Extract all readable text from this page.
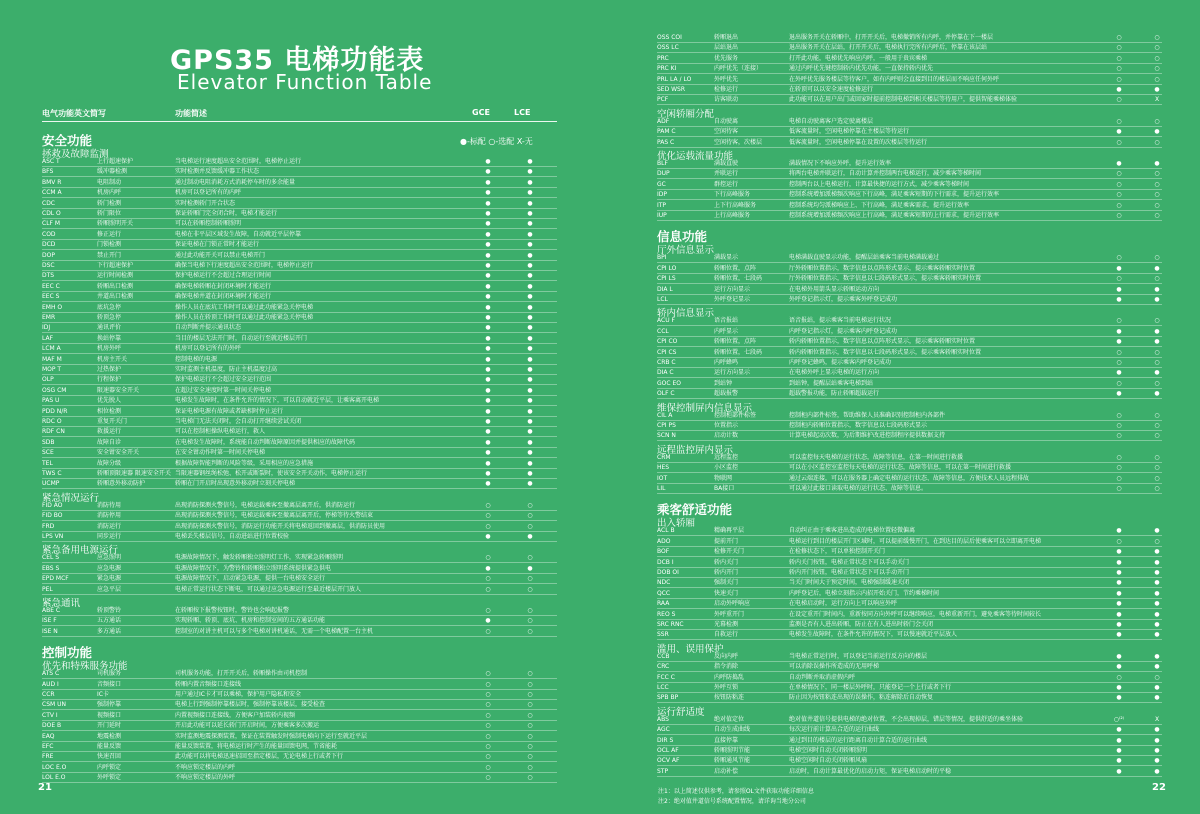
GPS35 电梯功能表
Elevator Function Table
电气功能英文简写	功能简述	GCE	LCE
●-标配 ○-选配 X-无
安全功能
拯救及故障监测
ASC T	上行超速保护	当电梯运行速度超出安全范围时，电梯停止运行	●	●
BFS	缓冲器检测	实时检测并反馈缓冲器工作状态	●	●
BMV R	电阻制动	通过制动电阻消耗方式消耗停车时的多余能量	●	●
CCM A	机房内呼	机房可以登记所有的内呼	●	●
CDC	轿门检测	实时检测轿门开合状态	●	●
CDL O	轿门限位	保证轿厢门完全闭合时，电梯才能运行	●	●
CLF M	轿厢照明开关	可以在轿厢控制轿厢照明	●	●
COD	修正运行	电梯在非平层区域发生故障，自动就近平层停靠	●	●
DCD	门锁检测	保证电梯在门锁正常时才能运行	●	●
DOP	禁止开门	通过此功能开关可以禁止电梯开门	●	●
DSC	下行超速保护	确保当电梯下行速度超出安全范围时，电梯停止运行	●	●
DTS	运行时间检测	保护电梯运行不会超过合理运行时间	●	●
EEC C	轿厢出口检测	确保电梯轿厢在封闭环境时才能运行	●	●
EEC S	井道出口检测	确保电梯井道在封闭环境时才能运行	●	●
EMH O	底坑急停	操作人员在底坑工作时可以通过此功能紧急关停电梯	●	●
EMR	轿顶急停	操作人员在轿顶工作时可以通过此功能紧急关停电梯	●	●
IDJ	通讯评价	自动判断并提示通讯状态	●	●
LAF	换站停靠	当目的楼层无法开门时，自动运行至就近楼层开门	●	●
LCM A	机房外呼	机房可以登记所有的外呼	●	●
MAF M	机房主开关	控制电梯的电源	●	●
MOP T	过热保护	实时监测主机温度，防止主机温度过高	●	●
OLP	行程保护	保护电梯运行不会超过安全运行范围	●	●
OSG CM	限速器安全开关	在超过安全速度时第一时间关停电梯	●	●
PAS U	优先脱人	电梯发生故障时，在条件允许的情况下，可以自动就近平层，让乘客离开电梯	●	●
PDD N/R	相位检测	保证电梯电源有故障或者缺相时停止运行	●	●
RDC O	重复开关门	当电梯门无法关闭时，会自动打开继续尝试关闭	●	●
RDF CN	救援运行	可以在控制柜操纵电梯运行，救人	●	●
SDB	故障自诊	在电梯发生故障时，系统能自动判断故障原因并提供相应的故障代码	●	●
SCE	安全钳安全开关	在安全钳动作时第一时间关停电梯	●	●
TEL	故障分级	根据故障智能判断的风险等级，采用相应的应急措施	●	●
TWS C	轿厢顶限速器 限速安全开关 当限速器钢丝绳松弛、松开或断裂时，使该安全开关动作，电梯停止运行	●	●
UCMP	轿厢意外移动防护	轿厢在门开启时出现意外移动时立刻关停电梯	●	●
紧急情况运行
FID AO	消防待用	出现消防探测火警信号，电梯运载乘客至撤离层离开后，供消防运行	○	○
FID BO	消防停用	出现消防探测火警信号，电梯运载乘客至撤离层离开后，停梯等待火警结束	○	○
FRD	消防运行	出现消防探测火警信号，消防运行功能开关将电梯返回到撤离层，供消防员使用	○	○
LPS VN	同步运行	电梯丢失楼层信号，自动进站进行位置校验	●	●
紧急备用电源运行
CEL S	应急照明	电源故障情况下，触发轿厢独立照明灯工作，实现紧急轿厢照明	○	○
EBS S	应急电源	电源故障情况下，为警铃和轿厢独立照明系统提供紧急供电	●	●
EPD MCF	紧急电源	电源故障情况下，启动紧急电源，提供一台电梯安全运行	○	○
PEL	应急平层	电梯正常运行状态下断电，可以通过应急电源运行至最近楼层开门放人	○	○
紧急通讯
ABE C	轿顶警铃	在轿厢按下报警按钮时，警铃也会响起报警	○	○
ISE F	五方通话	实现轿厢、轿顶、底坑、机房和控制室间的五方通话功能	●	○
ISE N	多方通话	控制室的对讲主机可以与多个电梯对讲机通话，无需一个电梯配置一台主机	○	○
控制功能
优先和特殊服务功能
ATS C	司机服务	司机服务功能，打开开关后，轿厢操作由司机控制	○	○
AUD I	音频接口	轿厢内置音频接口连接线	○	○
CCR	IC卡	用户通过IC卡才可以乘梯，保护用户隐私和安全	○	○
CSM UN	强制停靠	电梯上行到强制停靠楼层时，强制停靠该楼层，接受检查	○	○
CTV I	视频接口	内置视频接口连接线，方便客户加装轿内视频	○	○
DOE B	开门延时	开启此功能可以延长轿门开启时间，方便乘客多次搬运	○	○
EAQ	地震检测	实时监测地震探测装置，保证在装置触发时强制电梯向下运行至就近平层	○	○
EFC	能量反馈	能量反馈装置，将电梯运行时产生的能量回馈电网，节省能耗	○	○
FRE	快速召回	此功能可以将电梯迅速招回至指定楼层，无论电梯上行或者下行	○	○
LOC E.O	内呼锁定	不响应锁定楼层的内呼	○	○
LOL E.O	外呼锁定	不响应锁定楼层的外呼	○	○
21
OSS COI	轿厢退出	退出服务开关在轿厢中，打开开关后，电梯撤销所有内呼，并停靠在下一楼层	○	○
OSS LC	层站退出	退出服务开关在层站，打开开关后，电梯执行完所有内呼后，停靠在该层站	○	○
PRC	优先服务	打开此功能，电梯优先响应内呼，一般用于贵宾乘梯	○	○
PRC KI	内呼优先（连接）	通过内呼优先键控制轿内优先功能，一直保持轿内优先	○	○
PRL LA / LO	外呼优先	在外呼优先服务楼层等待客户，如有内呼则会直接到目的楼层而不响应任何外呼	○	○
SED WSR	检修运行	在轿顶可以以安全速度检修运行	●	●
PCF	访客联动	此功能可以在用户出门或回家时提前控制电梯到相关楼层等待用户，提供智能乘梯体验	○	X
空闲轿厢分配
ADF	自动驶离	电梯自动驶离客户选定驶离楼层	○	○
PAM C	空闲待客	低客流量时，空闲电梯停靠在主楼层等待运行	●	●
PAS C	空闲待客，次楼层	低客流量时，空闲电梯停靠在设置的次楼层等待运行	○	○
优化运载流量功能
BLF	满载直驶	满载情况下不响应外呼，提升运行效率	●	●
DUP	并联运行	将两台电梯并联运行，自动计算并控制两台电梯运行，减少乘客等梯时间	○	○
GC	群控运行	控制两台以上电梯运行，计算最快捷的运行方式，减少乘客等梯时间	○	○
IDP	下行高峰服务	控制系统增加派梯频次响应下行高峰，满足乘客短期的下行需求，提升运行效率	○	○
ITP	上下行高峰服务	控制系统均匀派梯响应上、下行高峰，满足乘客需求，提升运行效率	○	○
IUP	上行高峰服务	控制系统增加派梯频次响应上行高峰，满足乘客短期的上行需求，提升运行效率	○	○
信息功能
厅外信息显示
BPI	满载显示	电梯满载直驶显示功能，提醒层站乘客当前电梯满载通过	○	○
CPI LO	轿厢位置，点阵	厅外轿厢位置指示，数字信息以点阵形式显示，提示乘客轿厢实时位置	●	●
CPI LS	轿厢位置，七段码	厅外轿厢位置指示，数字信息以七段码形式显示，提示乘客轿厢实时位置	○	○
DIA L	运行方向显示	在电梯外用箭头显示轿厢运动方向	●	●
LCL	外呼登记显示	外呼登记指示灯，提示乘客外呼登记成功	●	●
轿内信息显示
ACU F	语音报站	语音报站，提示乘客当前电梯运行状况	○	○
CCL	内呼显示	内呼登记指示灯，提示乘客内呼登记成功	●	●
CPI CO	轿厢位置，点阵	轿内轿厢位置指示，数字信息以点阵形式显示，提示乘客轿厢实时位置	●	●
CPI CS	轿厢位置，七段码	轿内轿厢位置指示，数字信息以七段码形式显示，提示乘客轿厢实时位置	○	○
CRB C	内呼蜂鸣	内呼登记蜂鸣，提示乘客内呼登记成功	○	○
DIA C	运行方向显示	在电梯外呼上显示电梯的运行方向	●	●
GOC EO	到站钟	到站钟，提醒层站乘客电梯到站	○	○
OLF C	超载报警	超载警报功能，防止轿厢超载运行	●	●
维保控制屏内信息显示
CIL A	控制柜部件标签	控制柜内部件标签，帮助维保人员准确识别控制柜内各部件	○	○
CPI PS	位置指示	控制柜内轿厢位置指示，数字信息以七段码形式显示	○	○
SCN N	启动计数	计算电梯起动次数，为后期维护改进控制程序提供数据支持	○	○
远程监控屏内显示
CRM	远程监控	可以监控每天电梯的运行状态，故障等信息，在第一时间进行救援	○	○
HES	小区监控	可以在小区监控室监控每天电梯的运行状态，故障等信息，可以在第一时间进行救援	○	○
IOT	物联网	通过云端连接，可以在服务器上确定电梯的运行状态、故障等信息，方便技术人员远程排故	○	○
LIL	BA接口	可以通过此接口读取电梯的运行状态、故障等信息。	○	○
乘客舒适功能
出入轿厢
ACL B	精确再平层	自动纠正由于乘客进出造成的电梯位置轻微偏离	●	●
ADO	提前开门	电梯运行到目的楼层开门区域时，可以提前缓慢开门，在到达目的层后使乘客可以立即离开电梯	○	○
BOF	检修开关门	在检修状态下，可以单独控制开关门	●	●
DCB I	轿内关门	轿内关门按钮，电梯正常状态下可以手动关门	●	●
DOB OI	轿内开门	轿内开门按钮，电梯正常状态下可以手动开门	●	●
NDC	强制关门	当关门时间大于预定时间，电梯强制缓速关闭	●	●
QCC	快速关门	内呼登记后，电梯立刻指示内招开始关门，节约乘梯时间	●	●
RAA	启动外呼响应	在电梯启动时，运行方向上可以响应外呼	●	●
REO S	外呼重开门	在设定重开门时间内，重新按同方向外呼可以继续响应，电梯重新开门，避免乘客等待时间较长	●	●
SRC RNC	光幕检测	监测是否有人进出轿厢，防止在有人进出时轿门会关闭	●	●
SSR	自救运行	电梯发生故障时，在条件允许的情况下，可以慢速就近平层放人	●	●
滥用、误用保护
CCB	反向内呼	当电梯正常运行时，可以登记当前运行反方向的楼层	●	●
CRC	指令消除	可以消除误操作所造成的无用呼梯	●	●
FCC C	内呼防捣乱	自动判断并取消虚假内呼	○	○
LCC	外呼互锁	在单梯情况下，同一楼层外呼时，只能登记一个上行或者下行	●	●
SPB BP	按钮防粘连	防止因为按钮粘连出现的误操作，粘连解除后自动恢复	●	●
运行舒适度
ABS	绝对值定位	绝对值井道信号提供电梯的绝对位置，不会出现掉层，错层等情况，提供舒适的乘坐体验	○⁽²⁾	X
AGC	自动生成曲线	每次运行前计算出合适的运行曲线	●	●
DIR S	直接停靠	通过到目的楼层的运行距离自动计算合适的运行曲线	●	●
OCL AF	轿厢照明节能	电梯空闲时自动关闭轿厢照明	●	●
OCV AF	轿厢通风节能	电梯空闲时自动关闭轿厢风扇	●	●
STP	启动补偿	启动时，自动计算最优化的启动力矩，保证电梯启动时的平稳	●	●
注1：以上简述仅供参考，请参照OL文件获取功能详细信息
注2：绝对值井道信号系统配置情况，请详询当地分公司
22
